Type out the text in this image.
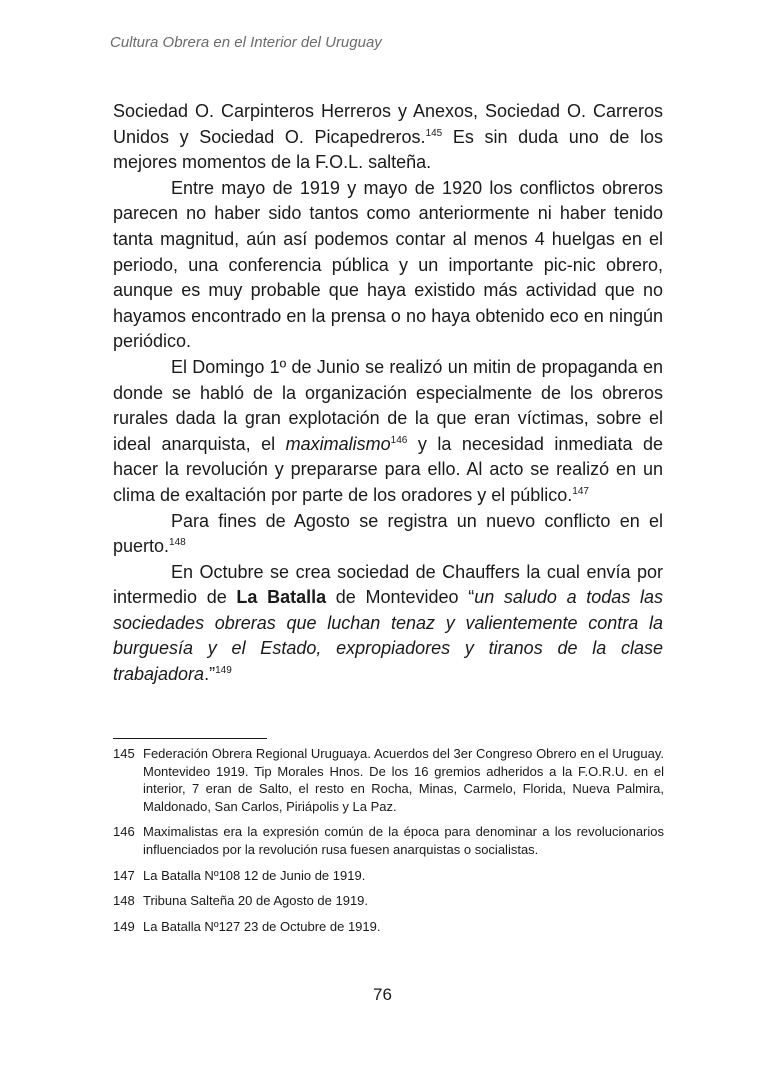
Cultura Obrera en el Interior del Uruguay

Sociedad O. Carpinteros Herreros y Anexos, Sociedad O. Carreros Unidos y Sociedad O. Picapedreros.$^{145}$ Es sin duda uno de los mejores momentos de la F.O.L. salteña.

Entre mayo de 1919 y mayo de 1920 los conflictos obreros parecen no haber sido tantos como anteriormente ni haber tenido tanta magnitud, aún así podemos contar al menos 4 huelgas en el periodo, una conferencia pública y un importante pic-nic obrero, aunque es muy probable que haya existido más actividad que no hayamos encontrado en la prensa o no haya obtenido eco en ningún periódico.

El Domingo 1º de Junio se realizó un mitin de propaganda en donde se habló de la organización especialmente de los obreros rurales dada la gran explotación de la que eran víctimas, sobre el ideal anarquista, el maximalismo$^{146}$ y la necesidad inmediata de hacer la revolución y prepararse para ello. Al acto se realizó en un clima de exaltación por parte de los oradores y el público.$^{147}$

Para fines de Agosto se registra un nuevo conflicto en el puerto.$^{148}$

En Octubre se crea sociedad de Chauffers la cual envía por intermedio de La Batalla de Montevideo “un saludo a todas las sociedades obreras que luchan tenaz y valientemente contra la burguesía y el Estado, expropiadores y tiranos de la clase trabajadora.”$^{149}$

145 Federación Obrera Regional Uruguaya. Acuerdos del 3er Congreso Obrero en el Uruguay. Montevideo 1919. Tip Morales Hnos. De los 16 gremios adheridos a la F.O.R.U. en el interior, 7 eran de Salto, el resto en Rocha, Minas, Carmelo, Florida, Nueva Palmira, Maldonado, San Carlos, Piriápolis y La Paz.
146 Maximalistas era la expresión común de la época para denominar a los revolucionarios influenciados por la revolución rusa fuesen anarquistas o socialistas.
147 La Batalla Nº108 12 de Junio de 1919.
148 Tribuna Salteña 20 de Agosto de 1919.
149 La Batalla Nº127 23 de Octubre de 1919.
76
